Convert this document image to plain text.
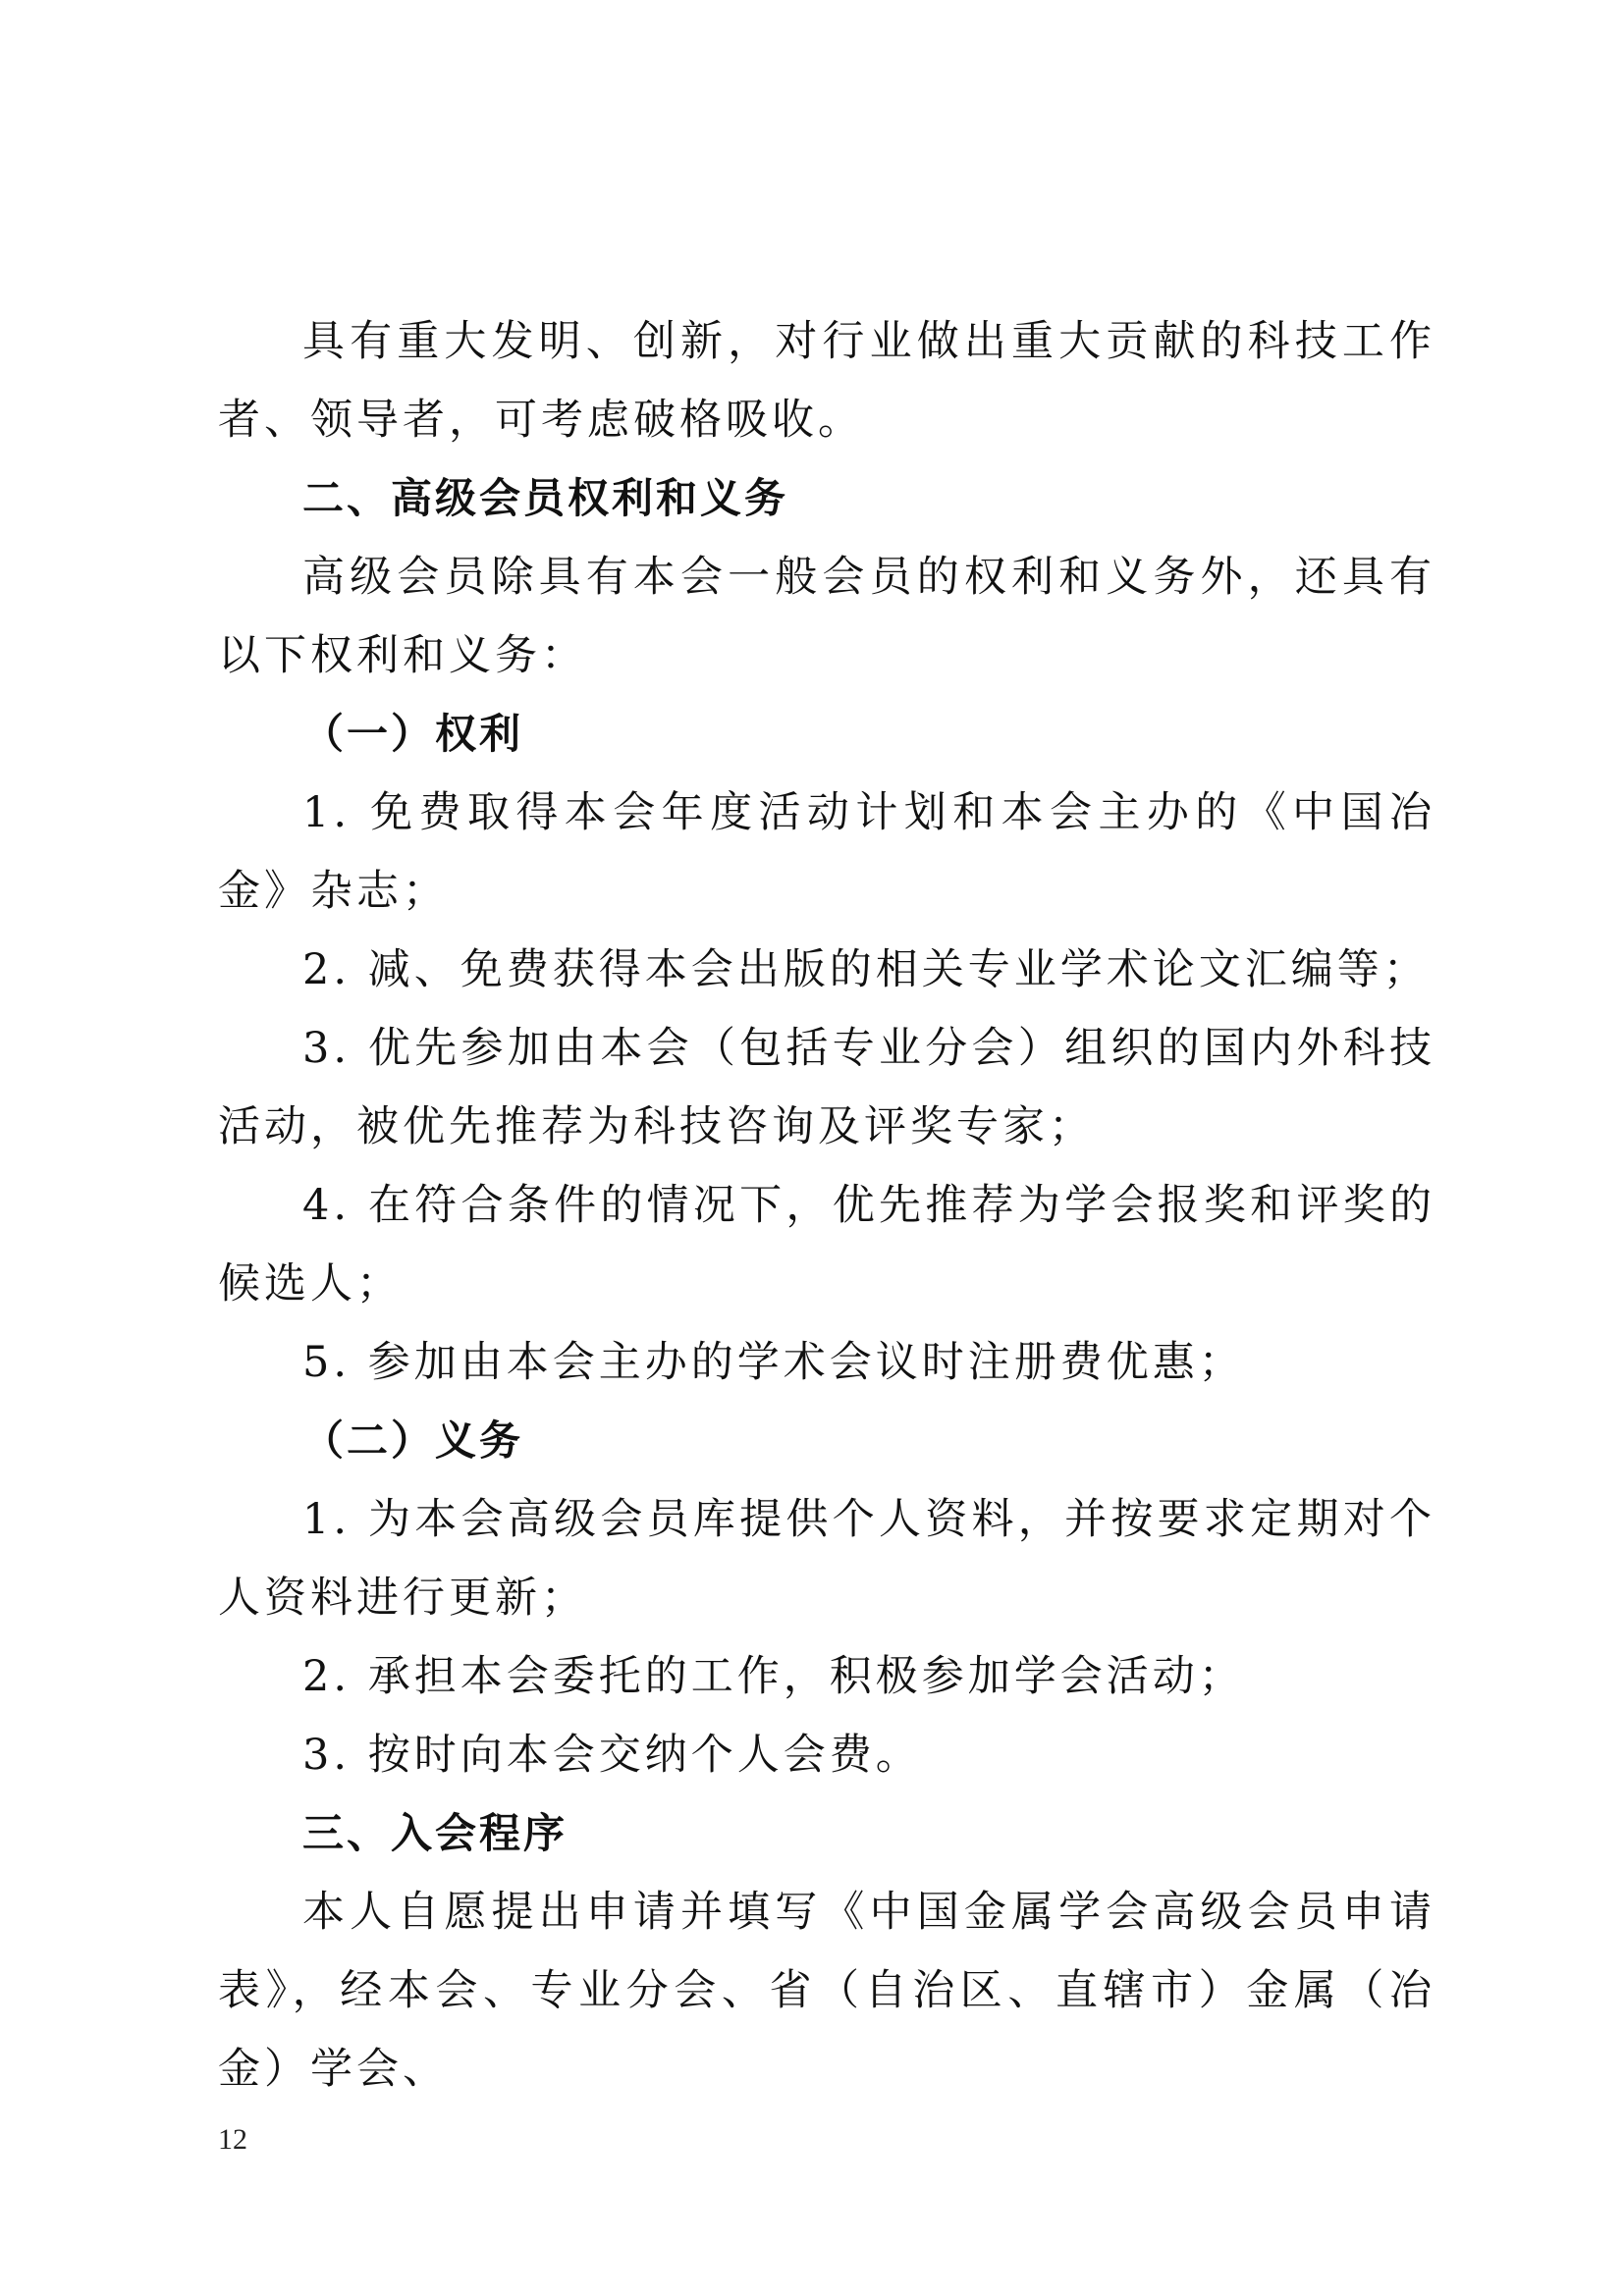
具有重大发明、创新，对行业做出重大贡献的科技工作者、领导者，可考虑破格吸收。

二、高级会员权利和义务

高级会员除具有本会一般会员的权利和义务外，还具有以下权利和义务：

（一）权利

1. 免费取得本会年度活动计划和本会主办的《中国冶金》杂志；

2. 减、免费获得本会出版的相关专业学术论文汇编等；

3. 优先参加由本会（包括专业分会）组织的国内外科技活动，被优先推荐为科技咨询及评奖专家；

4. 在符合条件的情况下，优先推荐为学会报奖和评奖的候选人；

5. 参加由本会主办的学术会议时注册费优惠；

（二）义务

1. 为本会高级会员库提供个人资料，并按要求定期对个人资料进行更新；

2. 承担本会委托的工作，积极参加学会活动；

3. 按时向本会交纳个人会费。

三、入会程序

本人自愿提出申请并填写《中国金属学会高级会员申请表》，经本会、专业分会、省（自治区、直辖市）金属（冶金）学会、

12
